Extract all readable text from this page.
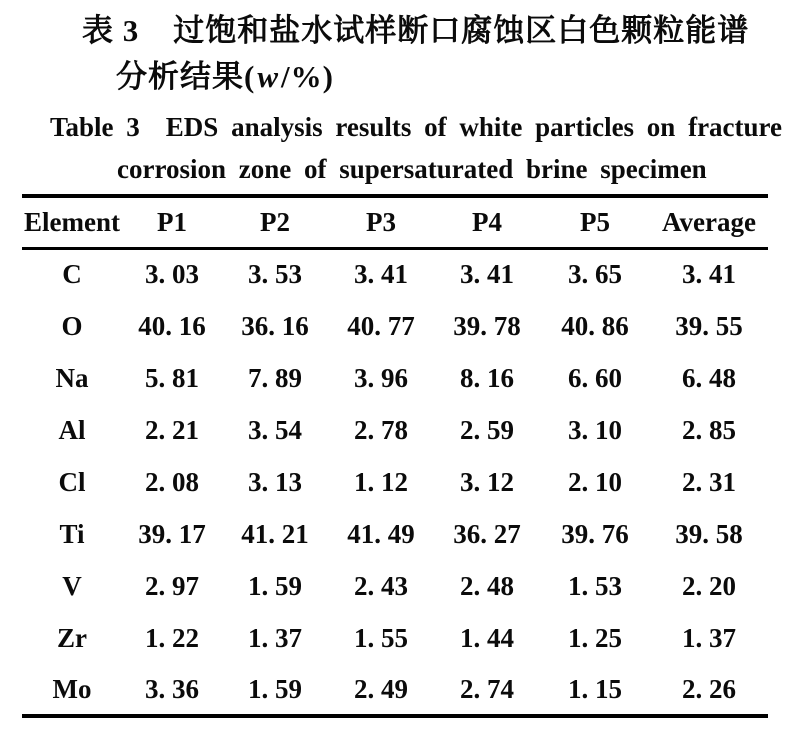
表 3 过饱和盐水试样断口腐蚀区白色颗粒能谱
分析结果(w/%)
Table 3 EDS analysis results of white particles on fracture
corrosion zone of supersaturated brine specimen
Element	P1	P2	P3	P4	P5	Average
C	3. 03	3. 53	3. 41	3. 41	3. 65	3. 41
O	40. 16	36. 16	40. 77	39. 78	40. 86	39. 55
Na	5. 81	7. 89	3. 96	8. 16	6. 60	6. 48
Al	2. 21	3. 54	2. 78	2. 59	3. 10	2. 85
Cl	2. 08	3. 13	1. 12	3. 12	2. 10	2. 31
Ti	39. 17	41. 21	41. 49	36. 27	39. 76	39. 58
V	2. 97	1. 59	2. 43	2. 48	1. 53	2. 20
Zr	1. 22	1. 37	1. 55	1. 44	1. 25	1. 37
Mo	3. 36	1. 59	2. 49	2. 74	1. 15	2. 26
